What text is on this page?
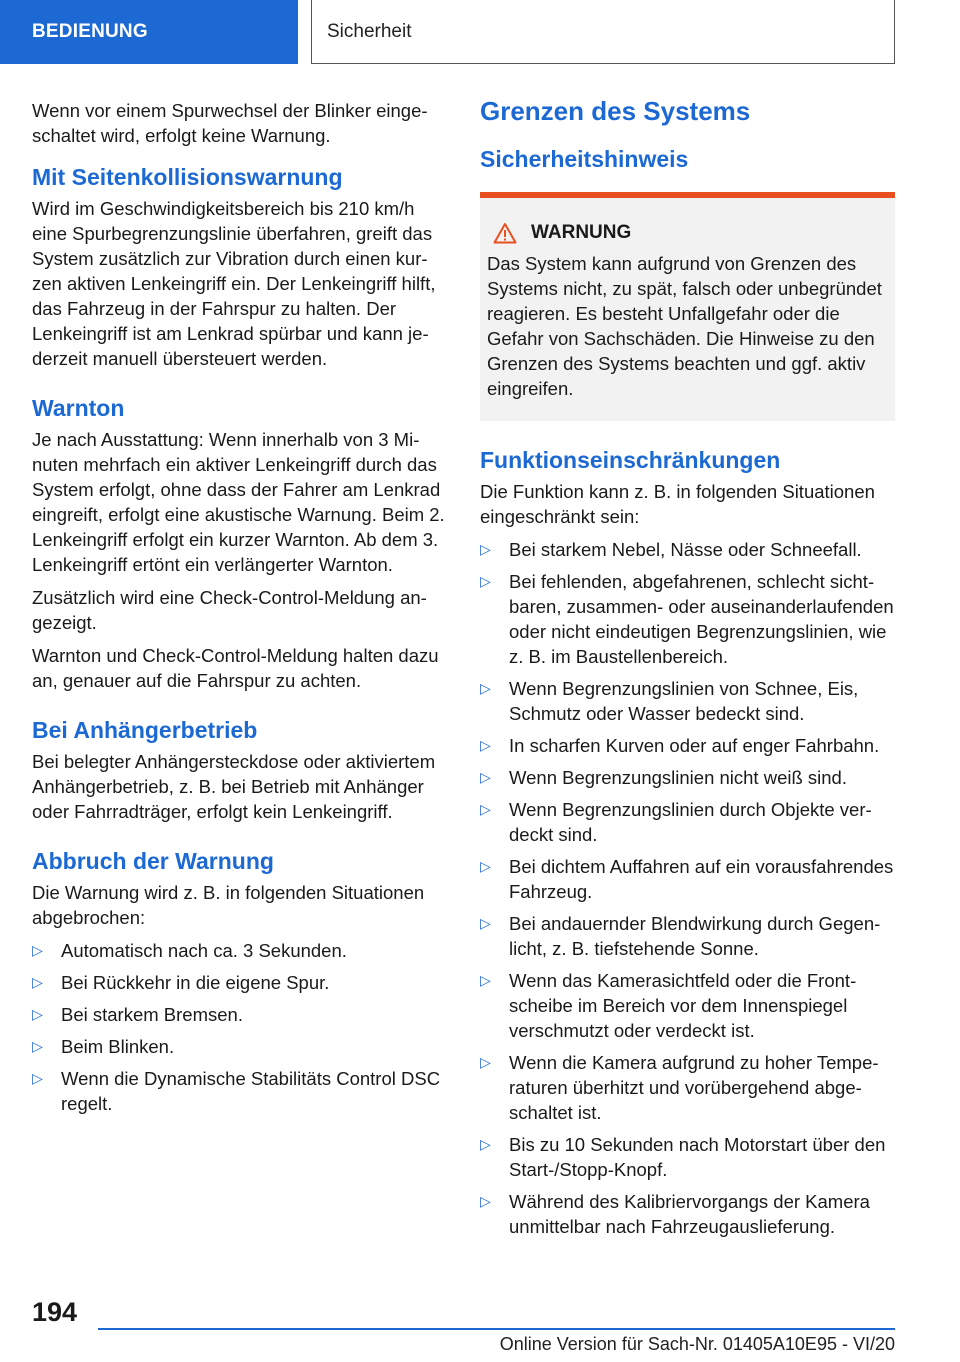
BEDIENUNG	Sicherheit

Wenn vor einem Spurwechsel der Blinker eingeschaltet wird, erfolgt keine Warnung.

Mit Seitenkollisionswarnung

Wird im Geschwindigkeitsbereich bis 210 km/h eine Spurbegrenzungslinie überfahren, greift das System zusätzlich zur Vibration durch einen kurzen aktiven Lenkeingriff ein. Der Lenkeingriff hilft, das Fahrzeug in der Fahrspur zu halten. Der Lenkeingriff ist am Lenkrad spürbar und kann jederzeit manuell übersteuert werden.

Warnton

Je nach Ausstattung: Wenn innerhalb von 3 Minuten mehrfach ein aktiver Lenkeingriff durch das System erfolgt, ohne dass der Fahrer am Lenkrad eingreift, erfolgt eine akustische Warnung. Beim 2. Lenkeingriff erfolgt ein kurzer Warnton. Ab dem 3. Lenkeingriff ertönt ein verlängerter Warnton.

Zusätzlich wird eine Check-Control-Meldung angezeigt.

Warnton und Check-Control-Meldung halten dazu an, genauer auf die Fahrspur zu achten.

Bei Anhängerbetrieb

Bei belegter Anhängersteckdose oder aktiviertem Anhängerbetrieb, z. B. bei Betrieb mit Anhänger oder Fahrradträger, erfolgt kein Lenkeingriff.

Abbruch der Warnung

Die Warnung wird z. B. in folgenden Situationen abgebrochen:

▷ Automatisch nach ca. 3 Sekunden.
▷ Bei Rückkehr in die eigene Spur.
▷ Bei starkem Bremsen.
▷ Beim Blinken.
▷ Wenn die Dynamische Stabilitäts Control DSC regelt.
Grenzen des Systems
Sicherheitshinweis
WARNUNG

Das System kann aufgrund von Grenzen des Systems nicht, zu spät, falsch oder unbegründet reagieren. Es besteht Unfallgefahr oder die Gefahr von Sachschäden. Die Hinweise zu den Grenzen des Systems beachten und ggf. aktiv eingreifen.

Funktionseinschränkungen

Die Funktion kann z. B. in folgenden Situationen eingeschränkt sein:

▷ Bei starkem Nebel, Nässe oder Schneefall.
▷ Bei fehlenden, abgefahrenen, schlecht sichtbaren, zusammen- oder auseinanderlaufenden oder nicht eindeutigen Begrenzungslinien, wie z. B. im Baustellenbereich.
▷ Wenn Begrenzungslinien von Schnee, Eis, Schmutz oder Wasser bedeckt sind.
▷ In scharfen Kurven oder auf enger Fahrbahn.
▷ Wenn Begrenzungslinien nicht weiß sind.
▷ Wenn Begrenzungslinien durch Objekte verdeckt sind.
▷ Bei dichtem Auffahren auf ein vorausfahrendes Fahrzeug.
▷ Bei andauernder Blendwirkung durch Gegenlicht, z. B. tiefstehende Sonne.
▷ Wenn das Kamerasichtfeld oder die Frontscheibe im Bereich vor dem Innenspiegel verschmutzt oder verdeckt ist.
▷ Wenn die Kamera aufgrund zu hoher Temperaturen überhitzt und vorübergehend abgeschaltet ist.
▷ Bis zu 10 Sekunden nach Motorstart über den Start-/Stopp-Knopf.
▷ Während des Kalibriervorgangs der Kamera unmittelbar nach Fahrzeugauslieferung.
194
Online Version für Sach-Nr. 01405A10E95 - VI/20
